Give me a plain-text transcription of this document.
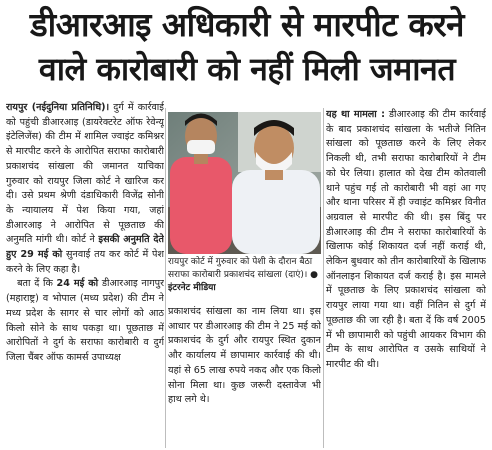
डीआरआइ अधिकारी से मारपीट करने
वाले कारोबारी को नहीं मिली जमानत

रायपुर (नईदुनिया प्रतिनिधि)। दुर्ग में कार्रवाई को पहुंची डीआरआइ (डायरेक्टरेट ऑफ रेवेन्यू इंटेलिजेंस) की टीम में शामिल ज्वाइंट कमिश्नर से मारपीट करने के आरोपित सराफा कारोबारी प्रकाशचंद सांखला की जमानत याचिका गुरुवार को रायपुर जिला कोर्ट ने खारिज कर दी। उसे प्रथम श्रेणी दंडाधिकारी विजेंद्र सोनी के न्यायालय में पेश किया गया, जहां डीआरआइ ने आरोपित से पूछताछ की अनुमति मांगी थी। कोर्ट ने इसकी अनुमति देते हुए 29 मई को सुनवाई तय कर कोर्ट में पेश करने के लिए कहा है।

बता दें कि 24 मई को डीआरआइ नागपुर (महाराष्ट्र) व भोपाल (मध्य प्रदेश) की टीम ने मध्य प्रदेश के सागर से चार लोगों को आठ किलो सोने के साथ पकड़ा था। पूछताछ में आरोपितों ने दुर्ग के सराफा कारोबारी व दुर्ग जिला चैंबर ऑफ कामर्स उपाध्यक्ष

रायपुर कोर्ट में गुरुवार को पेशी के दौरान बैठा सराफा कारोबारी प्रकाशचंद सांखला (दाएं)। ● इंटरनेट मीडिया

प्रकाशचंद सांखला का नाम लिया था। इस आधार पर डीआरआइ की टीम ने 25 मई को प्रकाशचंद के दुर्ग और रायपुर स्थित दुकान और कार्यालय में छापामार कार्रवाई की थी। यहां से 65 लाख रुपये नकद और एक किलो सोना मिला था। कुछ जरूरी दस्तावेज भी हाथ लगे थे।

यह था मामला : डीआरआइ की टीम कार्रवाई के बाद प्रकाशचंद सांखला के भतीजे नितिन सांखला को पूछताछ करने के लिए लेकर निकली थी, तभी सराफा कारोबारियों ने टीम को घेर लिया। हालात को देख टीम कोतवाली थाने पहुंच गई तो कारोबारी भी वहां आ गए और थाना परिसर में ही ज्वाइंट कमिश्नर विनीत अग्रवाल से मारपीट की थी। इस बिंदु पर डीआरआइ की टीम ने सराफा कारोबारियों के खिलाफ कोई शिकायत दर्ज नहीं कराई थी, लेकिन बुधवार को तीन कारोबारियों के खिलाफ ऑनलाइन शिकायत दर्ज कराई है। इस मामले में पूछताछ के लिए प्रकाशचंद सांखला को रायपुर लाया गया था। वहीं नितिन से दुर्ग में पूछताछ की जा रही है। बता दें कि वर्ष 2005 में भी छापामारी को पहुंची आयकर विभाग की टीम के साथ आरोपित व उसके साथियों ने मारपीट की थी।
